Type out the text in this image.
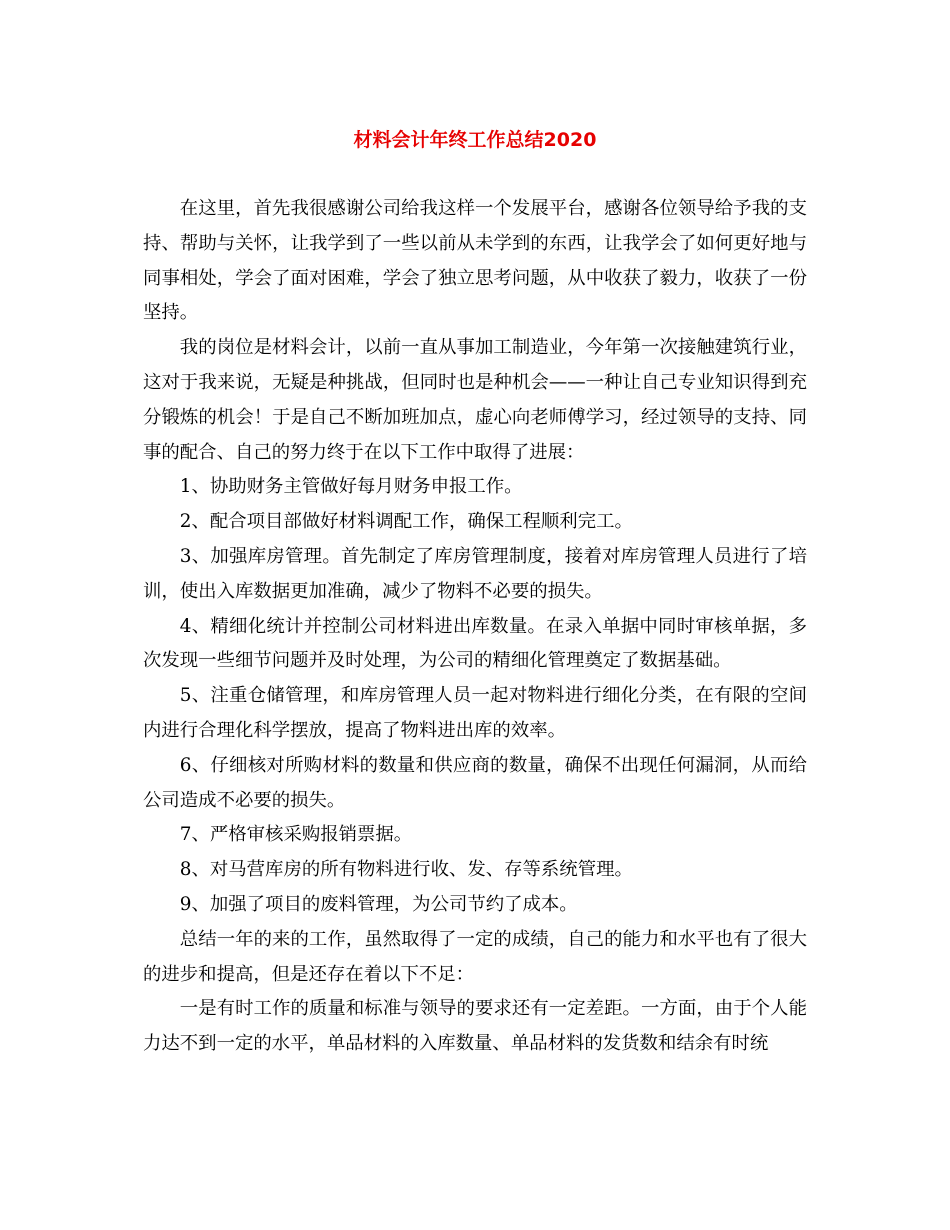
材料会计年终工作总结2020

在这里，首先我很感谢公司给我这样一个发展平台，感谢各位领导给予我的支持、帮助与关怀，让我学到了一些以前从未学到的东西，让我学会了如何更好地与同事相处，学会了面对困难，学会了独立思考问题，从中收获了毅力，收获了一份坚持。

我的岗位是材料会计，以前一直从事加工制造业，今年第一次接触建筑行业，这对于我来说，无疑是种挑战，但同时也是种机会——一种让自己专业知识得到充分锻炼的机会！于是自己不断加班加点，虚心向老师傅学习，经过领导的支持、同事的配合、自己的努力终于在以下工作中取得了进展：

1、协助财务主管做好每月财务申报工作。

2、配合项目部做好材料调配工作，确保工程顺利完工。

3、加强库房管理。首先制定了库房管理制度，接着对库房管理人员进行了培训，使出入库数据更加准确，减少了物料不必要的损失。

4、精细化统计并控制公司材料进出库数量。在录入单据中同时审核单据，多次发现一些细节问题并及时处理，为公司的精细化管理奠定了数据基础。

5、注重仓储管理，和库房管理人员一起对物料进行细化分类，在有限的空间内进行合理化科学摆放，提高了物料进出库的效率。

6、仔细核对所购材料的数量和供应商的数量，确保不出现任何漏洞，从而给公司造成不必要的损失。

7、严格审核采购报销票据。

8、对马营库房的所有物料进行收、发、存等系统管理。

9、加强了项目的废料管理，为公司节约了成本。

总结一年的来的工作，虽然取得了一定的成绩，自己的能力和水平也有了很大的进步和提高，但是还存在着以下不足：

一是有时工作的质量和标准与领导的要求还有一定差距。一方面，由于个人能力达不到一定的水平，单品材料的入库数量、单品材料的发货数和结余有时统
